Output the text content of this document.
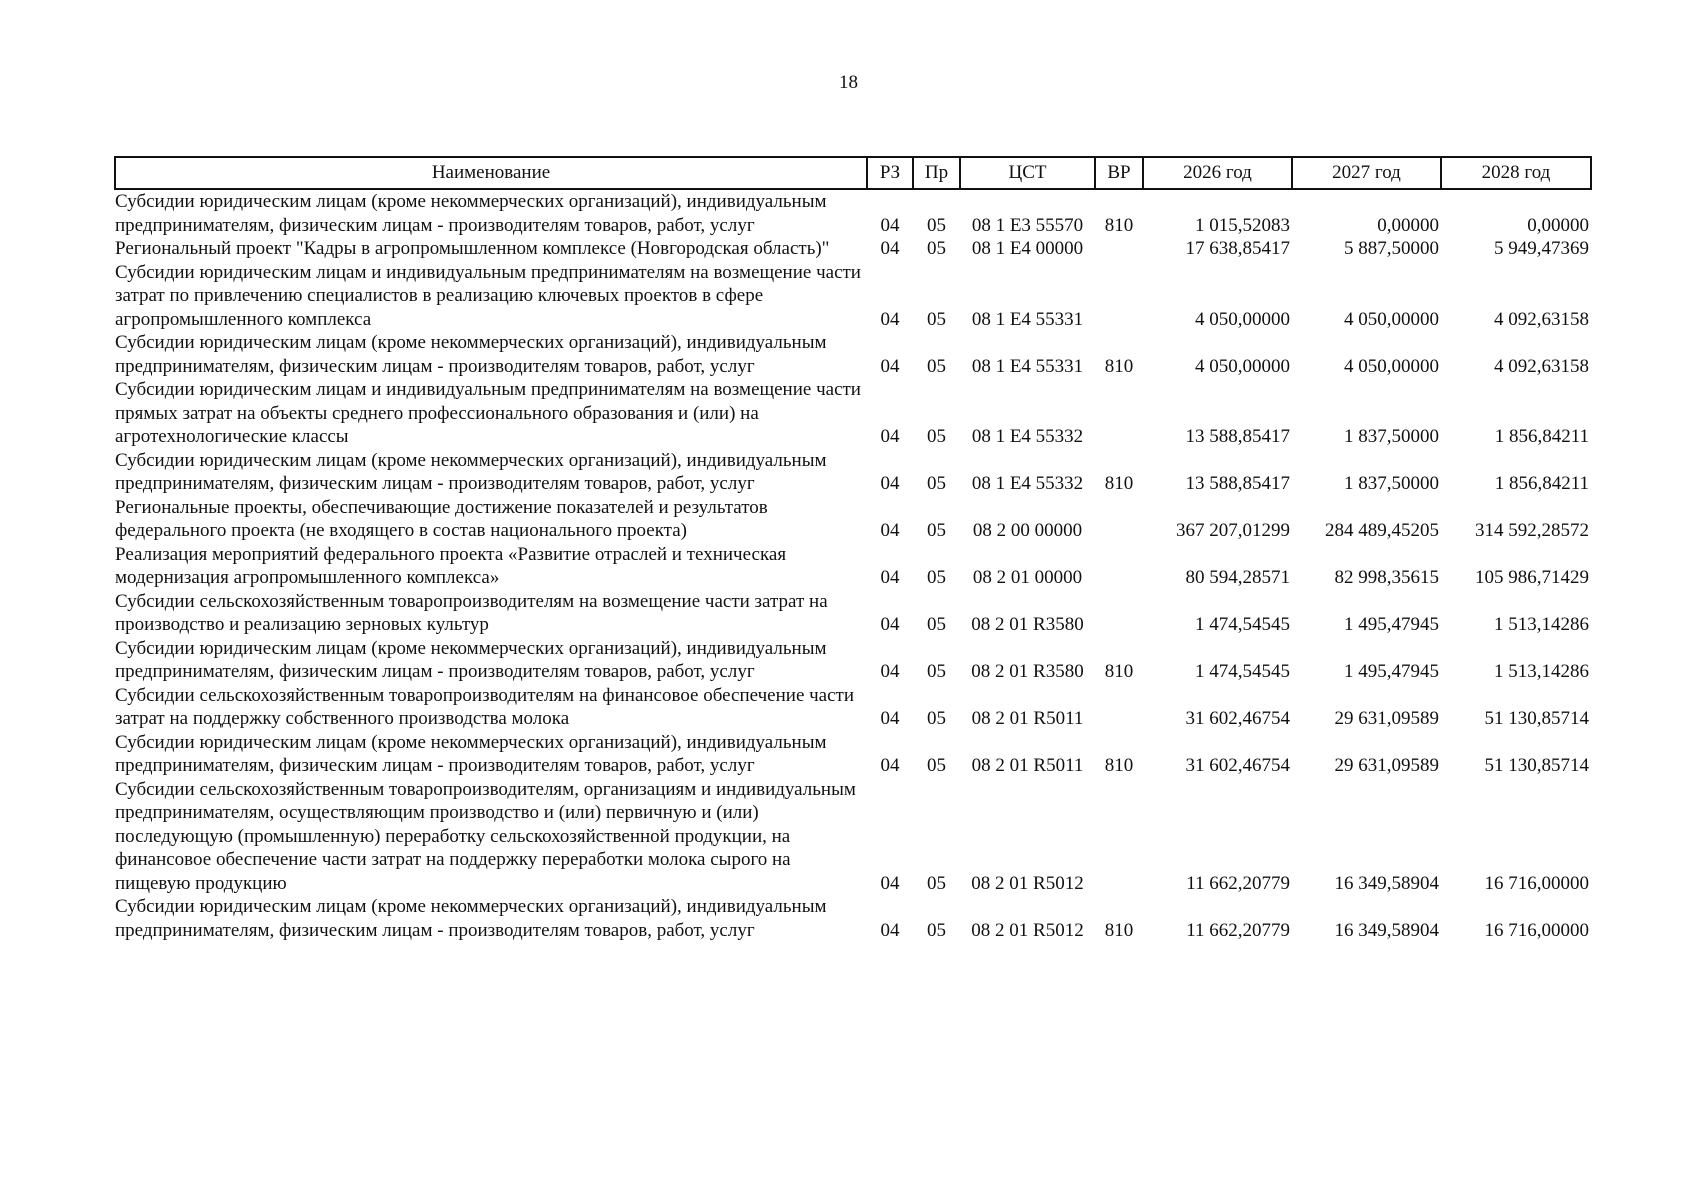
18
Наименование	РЗ	Пр	ЦСТ	ВР	2026 год	2027 год	2028 год
Субсидии юридическим лицам (кроме некоммерческих организаций), индивидуальным предпринимателям, физическим лицам - производителям товаров, работ, услуг	04	05	08 1 Е3 55570	810	1 015,52083	0,00000	0,00000
Региональный проект "Кадры в агропромышленном комплексе (Новгородская область)"	04	05	08 1 Е4 00000		17 638,85417	5 887,50000	5 949,47369
Субсидии юридическим лицам и индивидуальным предпринимателям на возмещение части затрат по привлечению специалистов в реализацию ключевых проектов в сфере агропромышленного комплекса	04	05	08 1 Е4 55331		4 050,00000	4 050,00000	4 092,63158
Субсидии юридическим лицам (кроме некоммерческих организаций), индивидуальным предпринимателям, физическим лицам - производителям товаров, работ, услуг	04	05	08 1 Е4 55331	810	4 050,00000	4 050,00000	4 092,63158
Субсидии юридическим лицам и индивидуальным предпринимателям на возмещение части прямых затрат на объекты среднего профессионального образования и (или) на агротехнологические классы	04	05	08 1 Е4 55332		13 588,85417	1 837,50000	1 856,84211
Субсидии юридическим лицам (кроме некоммерческих организаций), индивидуальным предпринимателям, физическим лицам - производителям товаров, работ, услуг	04	05	08 1 Е4 55332	810	13 588,85417	1 837,50000	1 856,84211
Региональные проекты, обеспечивающие достижение показателей и результатов федерального проекта (не входящего в состав национального проекта)	04	05	08 2 00 00000		367 207,01299	284 489,45205	314 592,28572
Реализация мероприятий федерального проекта «Развитие отраслей и техническая модернизация агропромышленного комплекса»	04	05	08 2 01 00000		80 594,28571	82 998,35615	105 986,71429
Субсидии сельскохозяйственным товаропроизводителям на возмещение части затрат на производство и реализацию зерновых культур	04	05	08 2 01 R3580		1 474,54545	1 495,47945	1 513,14286
Субсидии юридическим лицам (кроме некоммерческих организаций), индивидуальным предпринимателям, физическим лицам - производителям товаров, работ, услуг	04	05	08 2 01 R3580	810	1 474,54545	1 495,47945	1 513,14286
Субсидии сельскохозяйственным товаропроизводителям на финансовое обеспечение части затрат на поддержку собственного производства молока	04	05	08 2 01 R5011		31 602,46754	29 631,09589	51 130,85714
Субсидии юридическим лицам (кроме некоммерческих организаций), индивидуальным предпринимателям, физическим лицам - производителям товаров, работ, услуг	04	05	08 2 01 R5011	810	31 602,46754	29 631,09589	51 130,85714
Субсидии сельскохозяйственным товаропроизводителям, организациям и индивидуальным предпринимателям, осуществляющим производство и (или) первичную и (или) последующую (промышленную) переработку сельскохозяйственной продукции, на финансовое обеспечение части затрат на поддержку переработки молока сырого на пищевую продукцию	04	05	08 2 01 R5012		11 662,20779	16 349,58904	16 716,00000
Субсидии юридическим лицам (кроме некоммерческих организаций), индивидуальным предпринимателям, физическим лицам - производителям товаров, работ, услуг	04	05	08 2 01 R5012	810	11 662,20779	16 349,58904	16 716,00000
